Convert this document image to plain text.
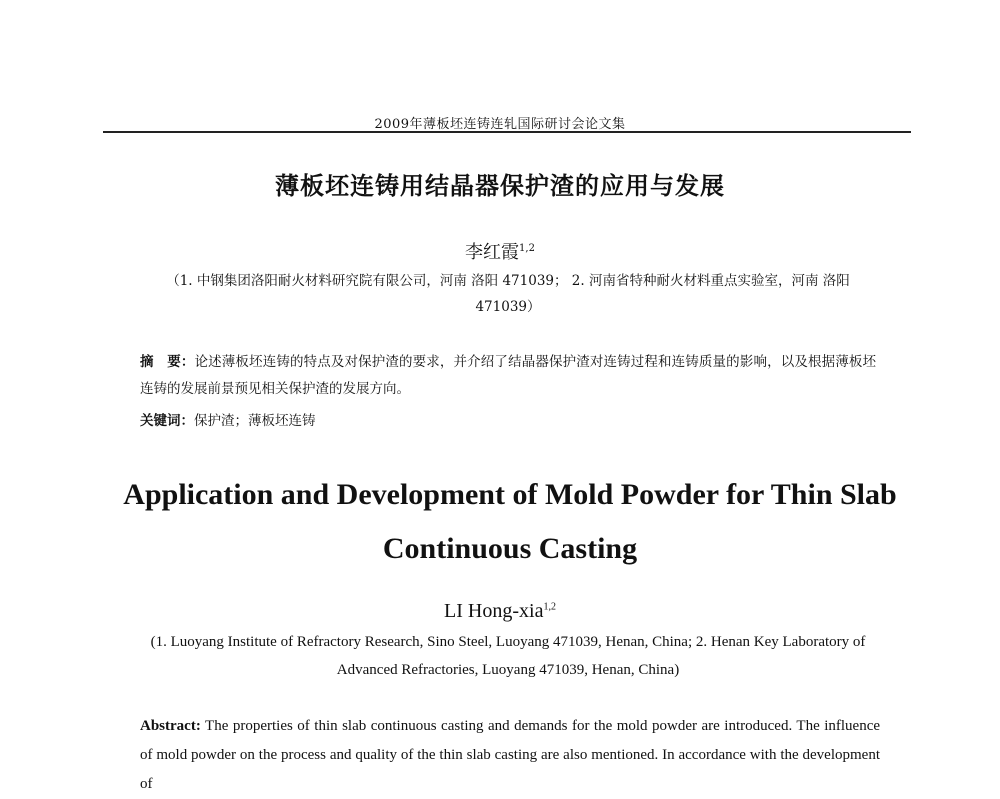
2009年薄板坯连铸连轧国际研讨会论文集
薄板坯连铸用结晶器保护渣的应用与发展
李红霞$^{1,2}$
（1. 中钢集团洛阳耐火材料研究院有限公司，河南 洛阳 471039； 2. 河南省特种耐火材料重点实验室，河南 洛阳 471039）
摘　要：论述薄板坯连铸的特点及对保护渣的要求，并介绍了结晶器保护渣对连铸过程和连铸质量的影响，以及根据薄板坯连铸的发展前景预见相关保护渣的发展方向。
关键词：保护渣；薄板坯连铸
Application and Development of Mold Powder for Thin Slab Continuous Casting
LI Hong-xia$^{1,2}$
(1. Luoyang Institute of Refractory Research, Sino Steel, Luoyang 471039, Henan, China; 2. Henan Key Laboratory of Advanced Refractories, Luoyang 471039, Henan, China)
Abstract: The properties of thin slab continuous casting and demands for the mold powder are introduced. The influence of mold powder on the process and quality of the thin slab casting are also mentioned. In accordance with the development of
